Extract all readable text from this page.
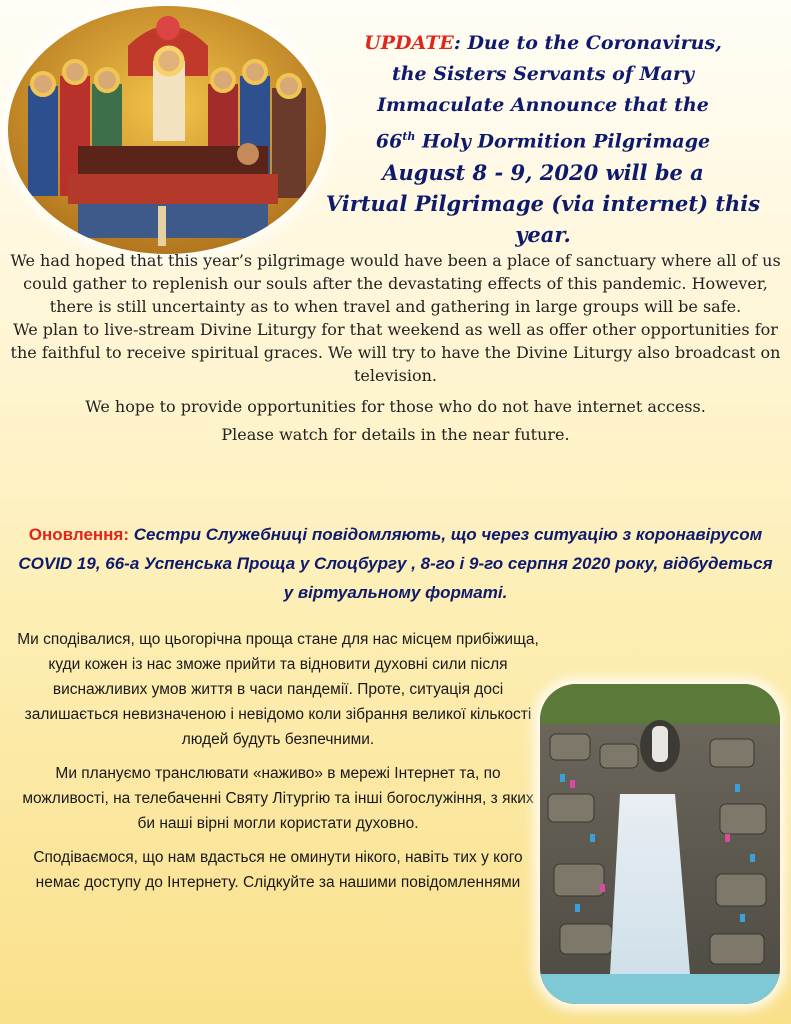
UPDATE: Due to the Coronavirus,
the Sisters Servants of Mary
Immaculate Announce that the
66th Holy Dormition Pilgrimage
August 8 - 9, 2020 will be a
Virtual Pilgrimage (via internet) this year.

We had hoped that this year’s pilgrimage would have been a place of sanctuary where all of us could gather to replenish our souls after the devastating effects of this pandemic. However, there is still uncertainty as to when travel and gathering in large groups will be safe.

We plan to live-stream Divine Liturgy for that weekend as well as offer other opportunities for the faithful to receive spiritual graces. We will try to have the Divine Liturgy also broadcast on television.

We hope to provide opportunities for those who do not have internet access.

Please watch for details in the near future.

Оновлення: Сестри Служебниці повідомляють, що через ситуацію з коронавірусом COVID 19, 66-а Успенська Проща у Слоцбургу , 8-го і 9-го серпня 2020 року, відбудеться у віртуальному форматі.

Ми сподівалися, що цьогорічна проща стане для нас місцем прибіжища, куди кожен із нас зможе прийти та відновити духовні сили після виснажливих умов життя в часи пандемії. Проте, ситуація досі залишається невизначеною і невідомо коли зібрання великої кількості людей будуть безпечними.

Ми плануємо транслювати «наживо» в мережі Інтернет та, по можливості, на телебаченні Святу Літургію та інші богослужіння, з яких би наші вірні могли користати духовно.

Сподіваємося, що нам вдасться не оминути нікого, навіть тих у кого немає доступу до Інтернету. Слідкуйте за нашими повідомленнями
